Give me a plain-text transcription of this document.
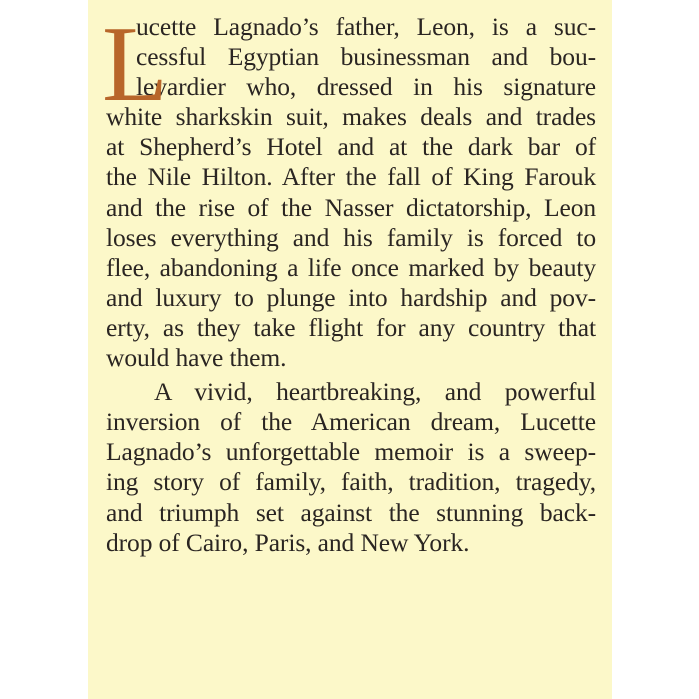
L
ucette Lagnado’s father, Leon, is a suc-
cessful Egyptian businessman and bou-
levardier who, dressed in his signature
white sharkskin suit, makes deals and trades
at Shepherd’s Hotel and at the dark bar of
the Nile Hilton. After the fall of King Farouk
and the rise of the Nasser dictatorship, Leon
loses everything and his family is forced to
flee, abandoning a life once marked by beauty
and luxury to plunge into hardship and pov-
erty, as they take flight for any country that
would have them.
A vivid, heartbreaking, and powerful
inversion of the American dream, Lucette
Lagnado’s unforgettable memoir is a sweep-
ing story of family, faith, tradition, tragedy,
and triumph set against the stunning back-
drop of Cairo, Paris, and New York.
